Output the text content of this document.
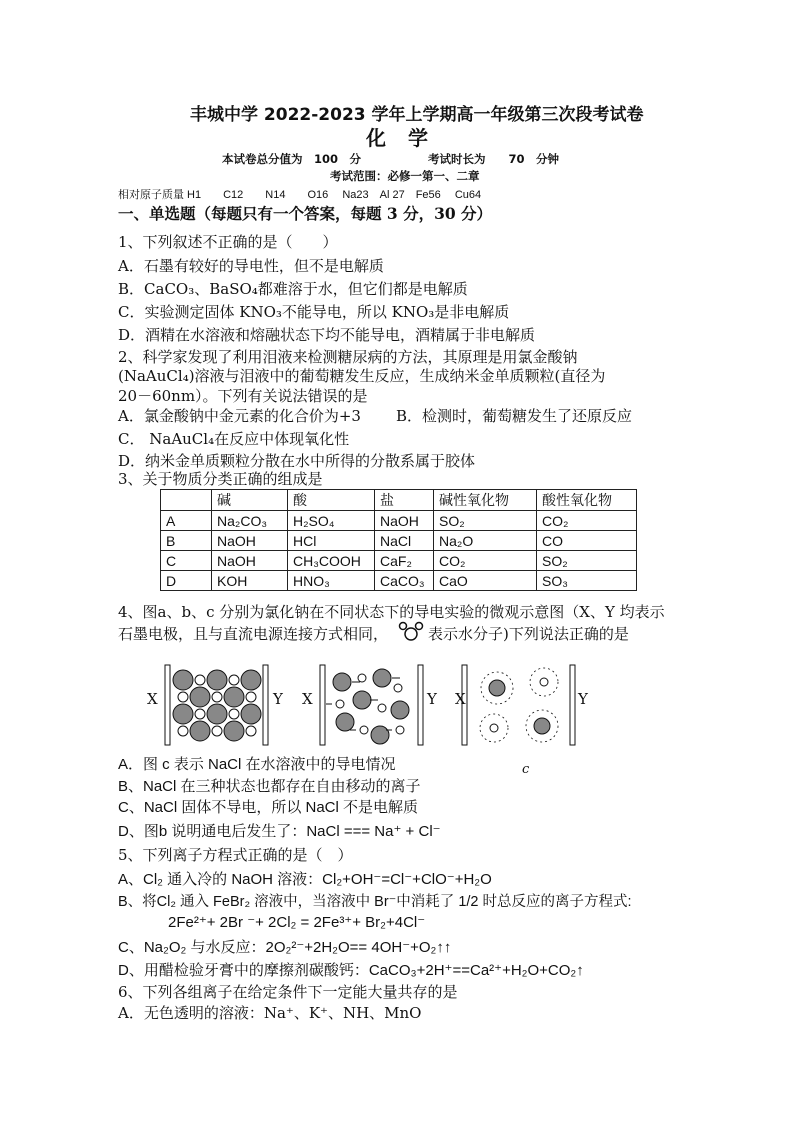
丰城中学 2022-2023 学年上学期高一年级第三次段考试卷
化学
本试卷总分值为　100　分	考试时长为　　70　分钟
考试范围：必修一第一、二章
相对原子质量 H1　　C12　　N14　　O16　 Na23　Al 27　Fe56　 Cu64
一、单选题（每题只有一个答案，每题 3 分，30 分）
1、下列叙述不正确的是（　　）
A．石墨有较好的导电性，但不是电解质
B．CaCO₃、BaSO₄都难溶于水，但它们都是电解质
C．实验测定固体 KNO₃不能导电，所以 KNO₃是非电解质
D．酒精在水溶液和熔融状态下均不能导电，酒精属于非电解质
2、科学家发现了利用泪液来检测糖尿病的方法，其原理是用氯金酸钠
(NaAuCl₄)溶液与泪液中的葡萄糖发生反应，生成纳米金单质颗粒(直径为
20－60nm）。下列有关说法错误的是
A．氯金酸钠中金元素的化合价为+3 B．检测时，葡萄糖发生了还原反应
C． NaAuCl₄在反应中体现氧化性
D．纳米金单质颗粒分散在水中所得的分散系属于胶体
3、关于物质分类正确的组成是
	碱	酸	盐	碱性氧化物	酸性氧化物
A	Na₂CO₃	H₂SO₄	NaOH	SO₂	CO₂
B	NaOH	HCl	NaCl	Na₂O	CO
C	NaOH	CH₃COOH	CaF₂	CO₂	SO₂
D	KOH	HNO₃	CaCO₃	CaO	SO₃
4、图a、b、c 分别为氯化钠在不同状态下的导电实验的微观示意图（X、Y 均表示
石墨电极，且与直流电源连接方式相同，	表示水分子)下列说法正确的是
X	Y X	Y X	Y
c
A．图 c 表示 NaCl 在水溶液中的导电情况
B、NaCl 在三种状态也都存在自由移动的离子
C、NaCl 固体不导电，所以 NaCl 不是电解质
D、图b 说明通电后发生了：NaCl === Na⁺ + Cl⁻
5、下列离子方程式正确的是（　）
A、Cl₂ 通入冷的 NaOH 溶液：Cl₂+OH⁻=Cl⁻+ClO⁻+H₂O
B、将Cl₂ 通入 FeBr₂ 溶液中，当溶液中 Br⁻中消耗了 1/2 时总反应的离子方程式:
2Fe²⁺+ 2Br ⁻+ 2Cl₂ = 2Fe³⁺+ Br₂+4Cl⁻
C、Na₂O₂ 与水反应：2O₂²⁻+2H₂O== 4OH⁻+O₂↑↑
D、用醋检验牙膏中的摩擦剂碳酸钙：CaCO₃+2H⁺==Ca²⁺+H₂O+CO₂↑
6、下列各组离子在给定条件下一定能大量共存的是
A．无色透明的溶液：Na⁺、K⁺、NH、MnO
